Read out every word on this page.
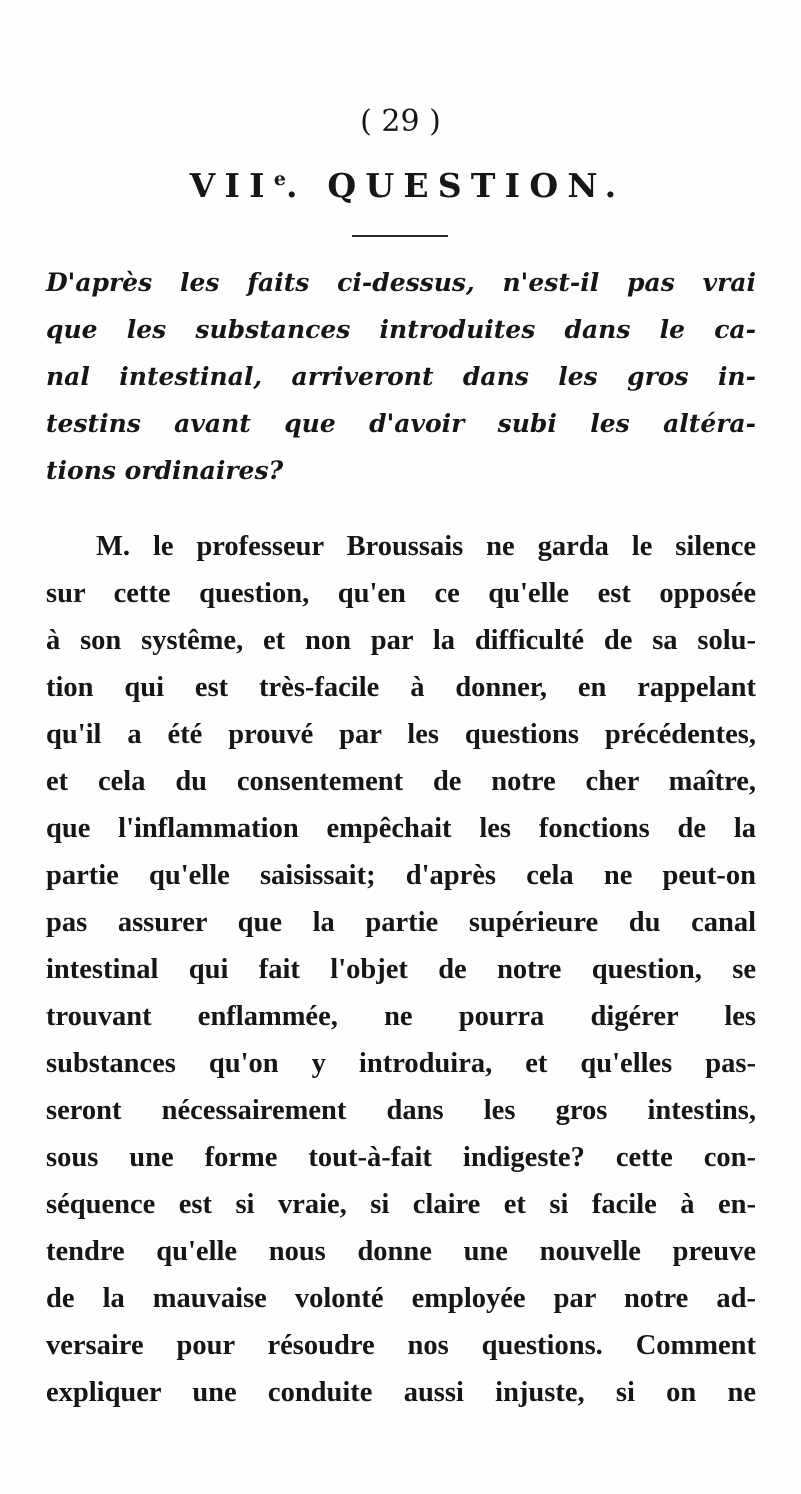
( 29 )
VIIe. QUESTION.
D'après les faits ci-dessus, n'est-il pas vrai
que les substances introduites dans le ca-
nal intestinal, arriveront dans les gros in-
testins avant que d'avoir subi les altéra-
tions ordinaires?
M. le professeur Broussais ne garda le silence
sur cette question, qu'en ce qu'elle est opposée
à son systême, et non par la difficulté de sa solu-
tion qui est très-facile à donner, en rappelant
qu'il a été prouvé par les questions précédentes,
et cela du consentement de notre cher maître,
que l'inflammation empêchait les fonctions de la
partie qu'elle saisissait; d'après cela ne peut-on
pas assurer que la partie supérieure du canal
intestinal qui fait l'objet de notre question, se
trouvant enflammée, ne pourra digérer les
substances qu'on y introduira, et qu'elles pas-
seront nécessairement dans les gros intestins,
sous une forme tout-à-fait indigeste? cette con-
séquence est si vraie, si claire et si facile à en-
tendre qu'elle nous donne une nouvelle preuve
de la mauvaise volonté employée par notre ad-
versaire pour résoudre nos questions. Comment
expliquer une conduite aussi injuste, si on ne
